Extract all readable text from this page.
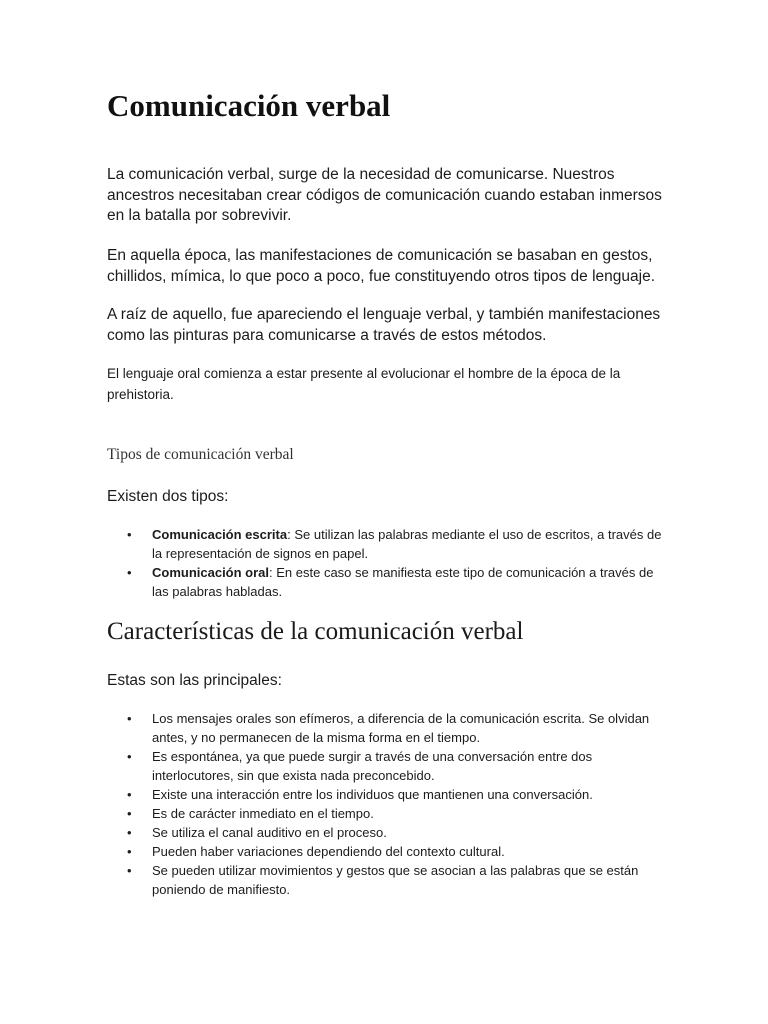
Comunicación verbal

La comunicación verbal, surge de la necesidad de comunicarse. Nuestros ancestros necesitaban crear códigos de comunicación cuando estaban inmersos en la batalla por sobrevivir.

En aquella época, las manifestaciones de comunicación se basaban en gestos, chillidos, mímica, lo que poco a poco, fue constituyendo otros tipos de lenguaje.

A raíz de aquello, fue apareciendo el lenguaje verbal, y también manifestaciones como las pinturas para comunicarse a través de estos métodos.

El lenguaje oral comienza a estar presente al evolucionar el hombre de la época de la prehistoria.

Tipos de comunicación verbal

Existen dos tipos:

• Comunicación escrita: Se utilizan las palabras mediante el uso de escritos, a través de la representación de signos en papel.
• Comunicación oral: En este caso se manifiesta este tipo de comunicación a través de las palabras habladas.
Características de la comunicación verbal

Estas son las principales:

• Los mensajes orales son efímeros, a diferencia de la comunicación escrita. Se olvidan antes, y no permanecen de la misma forma en el tiempo.
• Es espontánea, ya que puede surgir a través de una conversación entre dos interlocutores, sin que exista nada preconcebido.
• Existe una interacción entre los individuos que mantienen una conversación.
• Es de carácter inmediato en el tiempo.
• Se utiliza el canal auditivo en el proceso.
• Pueden haber variaciones dependiendo del contexto cultural.
• Se pueden utilizar movimientos y gestos que se asocian a las palabras que se están poniendo de manifiesto.
